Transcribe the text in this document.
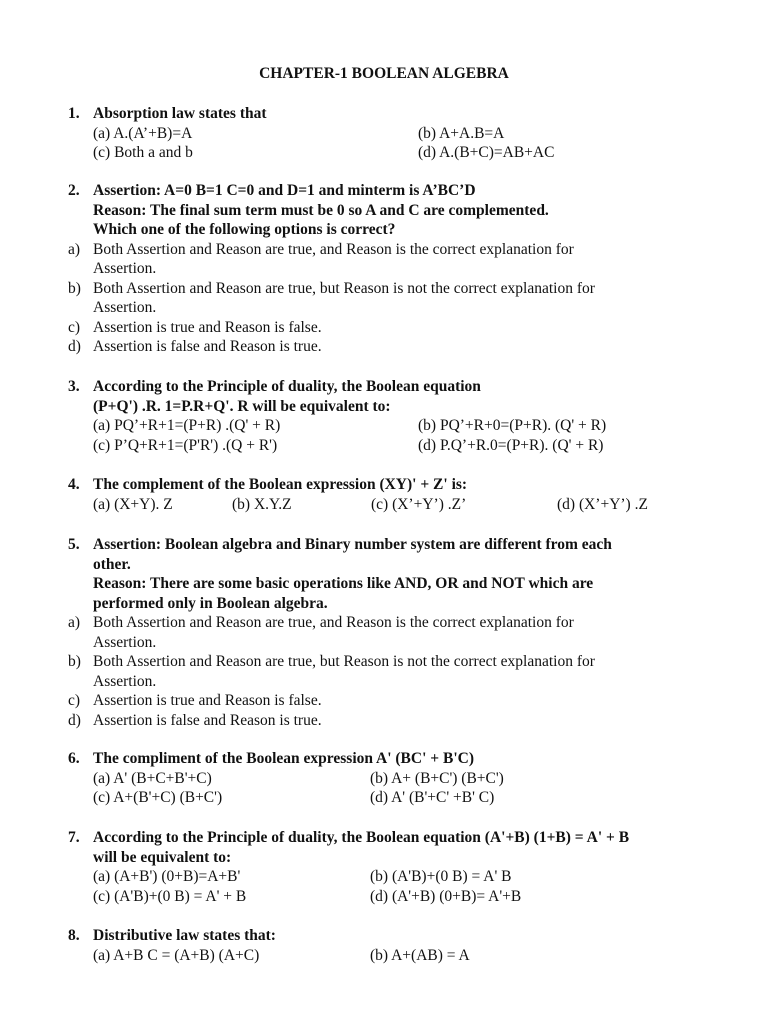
CHAPTER-1 BOOLEAN ALGEBRA
1. Absorption law states that
(a) A.(A’+B)=A	(b) A+A.B=A
(c) Both a and b	(d) A.(B+C)=AB+AC
2. Assertion: A=0 B=1 C=0 and D=1 and minterm is A’BC’D
Reason: The final sum term must be 0 so A and C are complemented.
Which one of the following options is correct?
a) Both Assertion and Reason are true, and Reason is the correct explanation for
Assertion.
b) Both Assertion and Reason are true, but Reason is not the correct explanation for
Assertion.
c) Assertion is true and Reason is false.
d) Assertion is false and Reason is true.
3. According to the Principle of duality, the Boolean equation
(P+Q') .R. 1=P.R+Q'. R will be equivalent to:
(a) PQ’+R+1=(P+R) .(Q' + R)	(b) PQ’+R+0=(P+R). (Q' + R)
(c) P’Q+R+1=(P'R') .(Q + R')	(d) P.Q’+R.0=(P+R). (Q' + R)
4. The complement of the Boolean expression (XY)' + Z' is:
(a) (X+Y). Z	(b) X.Y.Z	(c) (X’+Y’) .Z’	(d) (X’+Y’) .Z
5. Assertion: Boolean algebra and Binary number system are different from each
other.
Reason: There are some basic operations like AND, OR and NOT which are
performed only in Boolean algebra.
a) Both Assertion and Reason are true, and Reason is the correct explanation for
Assertion.
b) Both Assertion and Reason are true, but Reason is not the correct explanation for
Assertion.
c) Assertion is true and Reason is false.
d) Assertion is false and Reason is true.
6. The compliment of the Boolean expression A' (BC' + B'C)
(a) A' (B+C+B'+C)	(b) A+ (B+C') (B+C')
(c) A+(B'+C) (B+C')	(d) A' (B'+C' +B' C)
7. According to the Principle of duality, the Boolean equation (A'+B) (1+B) = A' + B
will be equivalent to:
(a) (A+B') (0+B)=A+B'	(b) (A'B)+(0 B) = A' B
(c) (A'B)+(0 B) = A' + B	(d) (A'+B) (0+B)= A'+B
8. Distributive law states that:
(a) A+B C = (A+B) (A+C)	(b) A+(AB) = A
